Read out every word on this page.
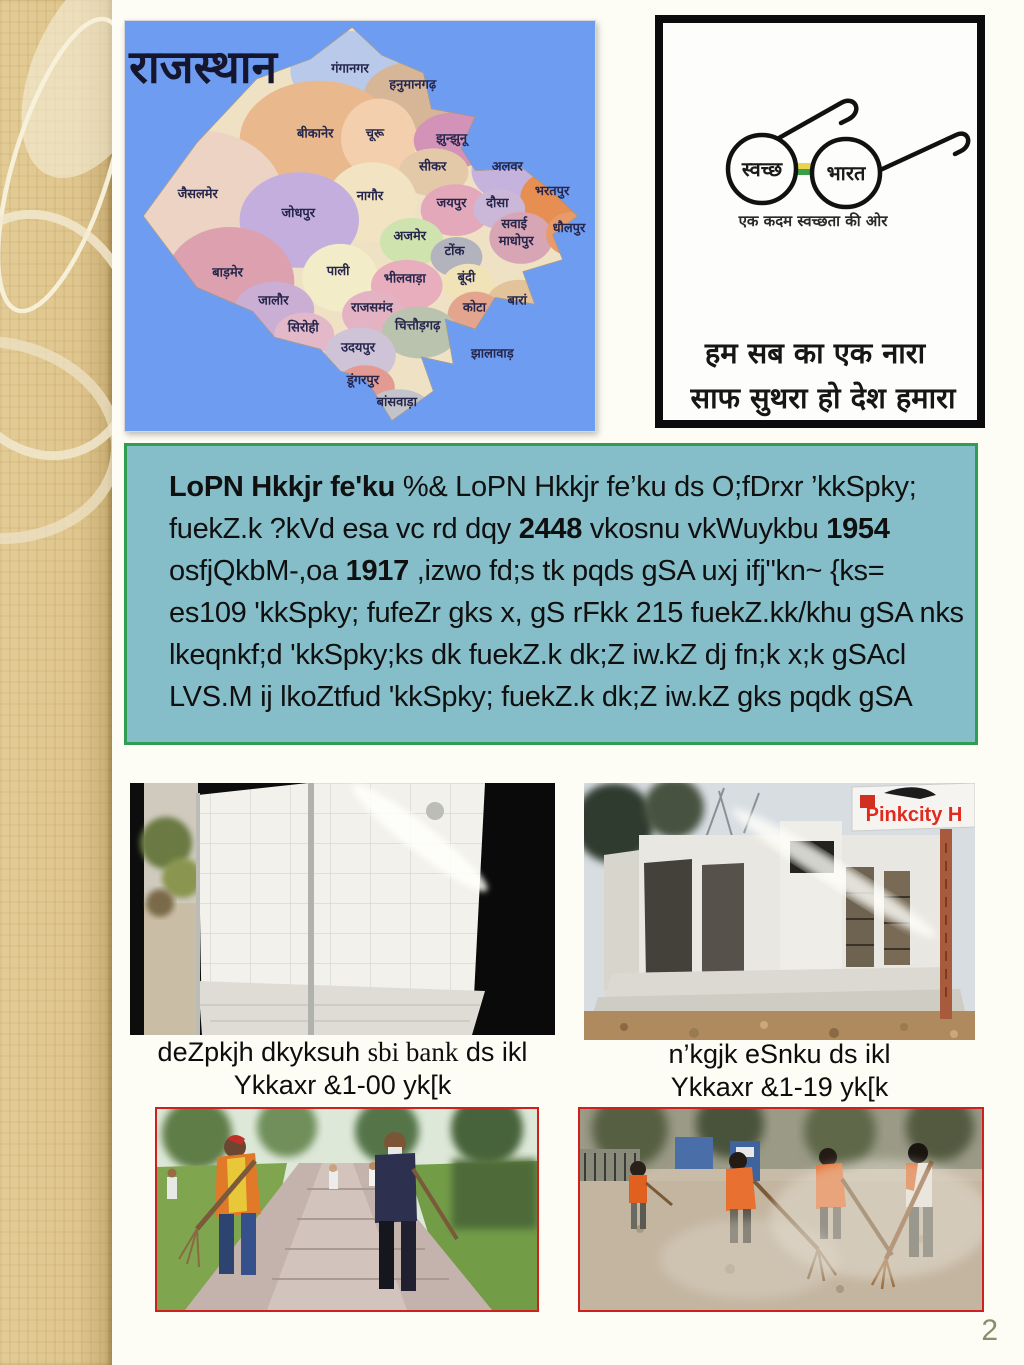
राजस्थान	गंगानगर
हनुमानगढ़
बीकानेर चूरू	झुन्झुनू
सीकर	अलवर
भरतपुर
जैसलमेर	नागौर	जयपुर दौसा
जोधपुर
सवाई
माधोपुर
धौलपुर
अजमेर
टोंक
बाड़मेर	पाली
भीलवाड़ा बूंदी
जालौर	राजसमंद	बारां
कोटा
सिरोही	चित्तौड़गढ़
उदयपुर	झालावाड़
डूंगरपुर
बांसवाड़ा
स्वच्छ भारत
एक कदम स्वच्छता की ओर
हम सब का एक नारा
साफ सुथरा हो देश हमारा
LoPN Hkkjr fe'ku %& LoPN Hkkjr fe’ku ds O;fDrxr ’kkSpky;
fuekZ.k ?kVd esa vc rd dqy 2448 vkosnu vkWuykbu 1954
osfjQkbM-,oa 1917 ,izwo fd;s tk pqds gSA uxj ifj"kn~ {ks=
es109 'kkSpky; fufeZr gks x, gS rFkk 215 fuekZ.kk/khu gSA nks
lkeqnkf;d 'kkSpky;ks dk fuekZ.k dk;Z iw.kZ dj fn;k x;k gSAcl
LVS.M ij lkoZtfud 'kkSpky; fuekZ.k dk;Z iw.kZ gks pqdk gSA
Pinkcity H
deZpkjh dkyksuh sbi bank ds ikl
Ykkaxr &1-00 yk[k
n’kgjk eSnku ds ikl
Ykkaxr &1-19 yk[k
2
